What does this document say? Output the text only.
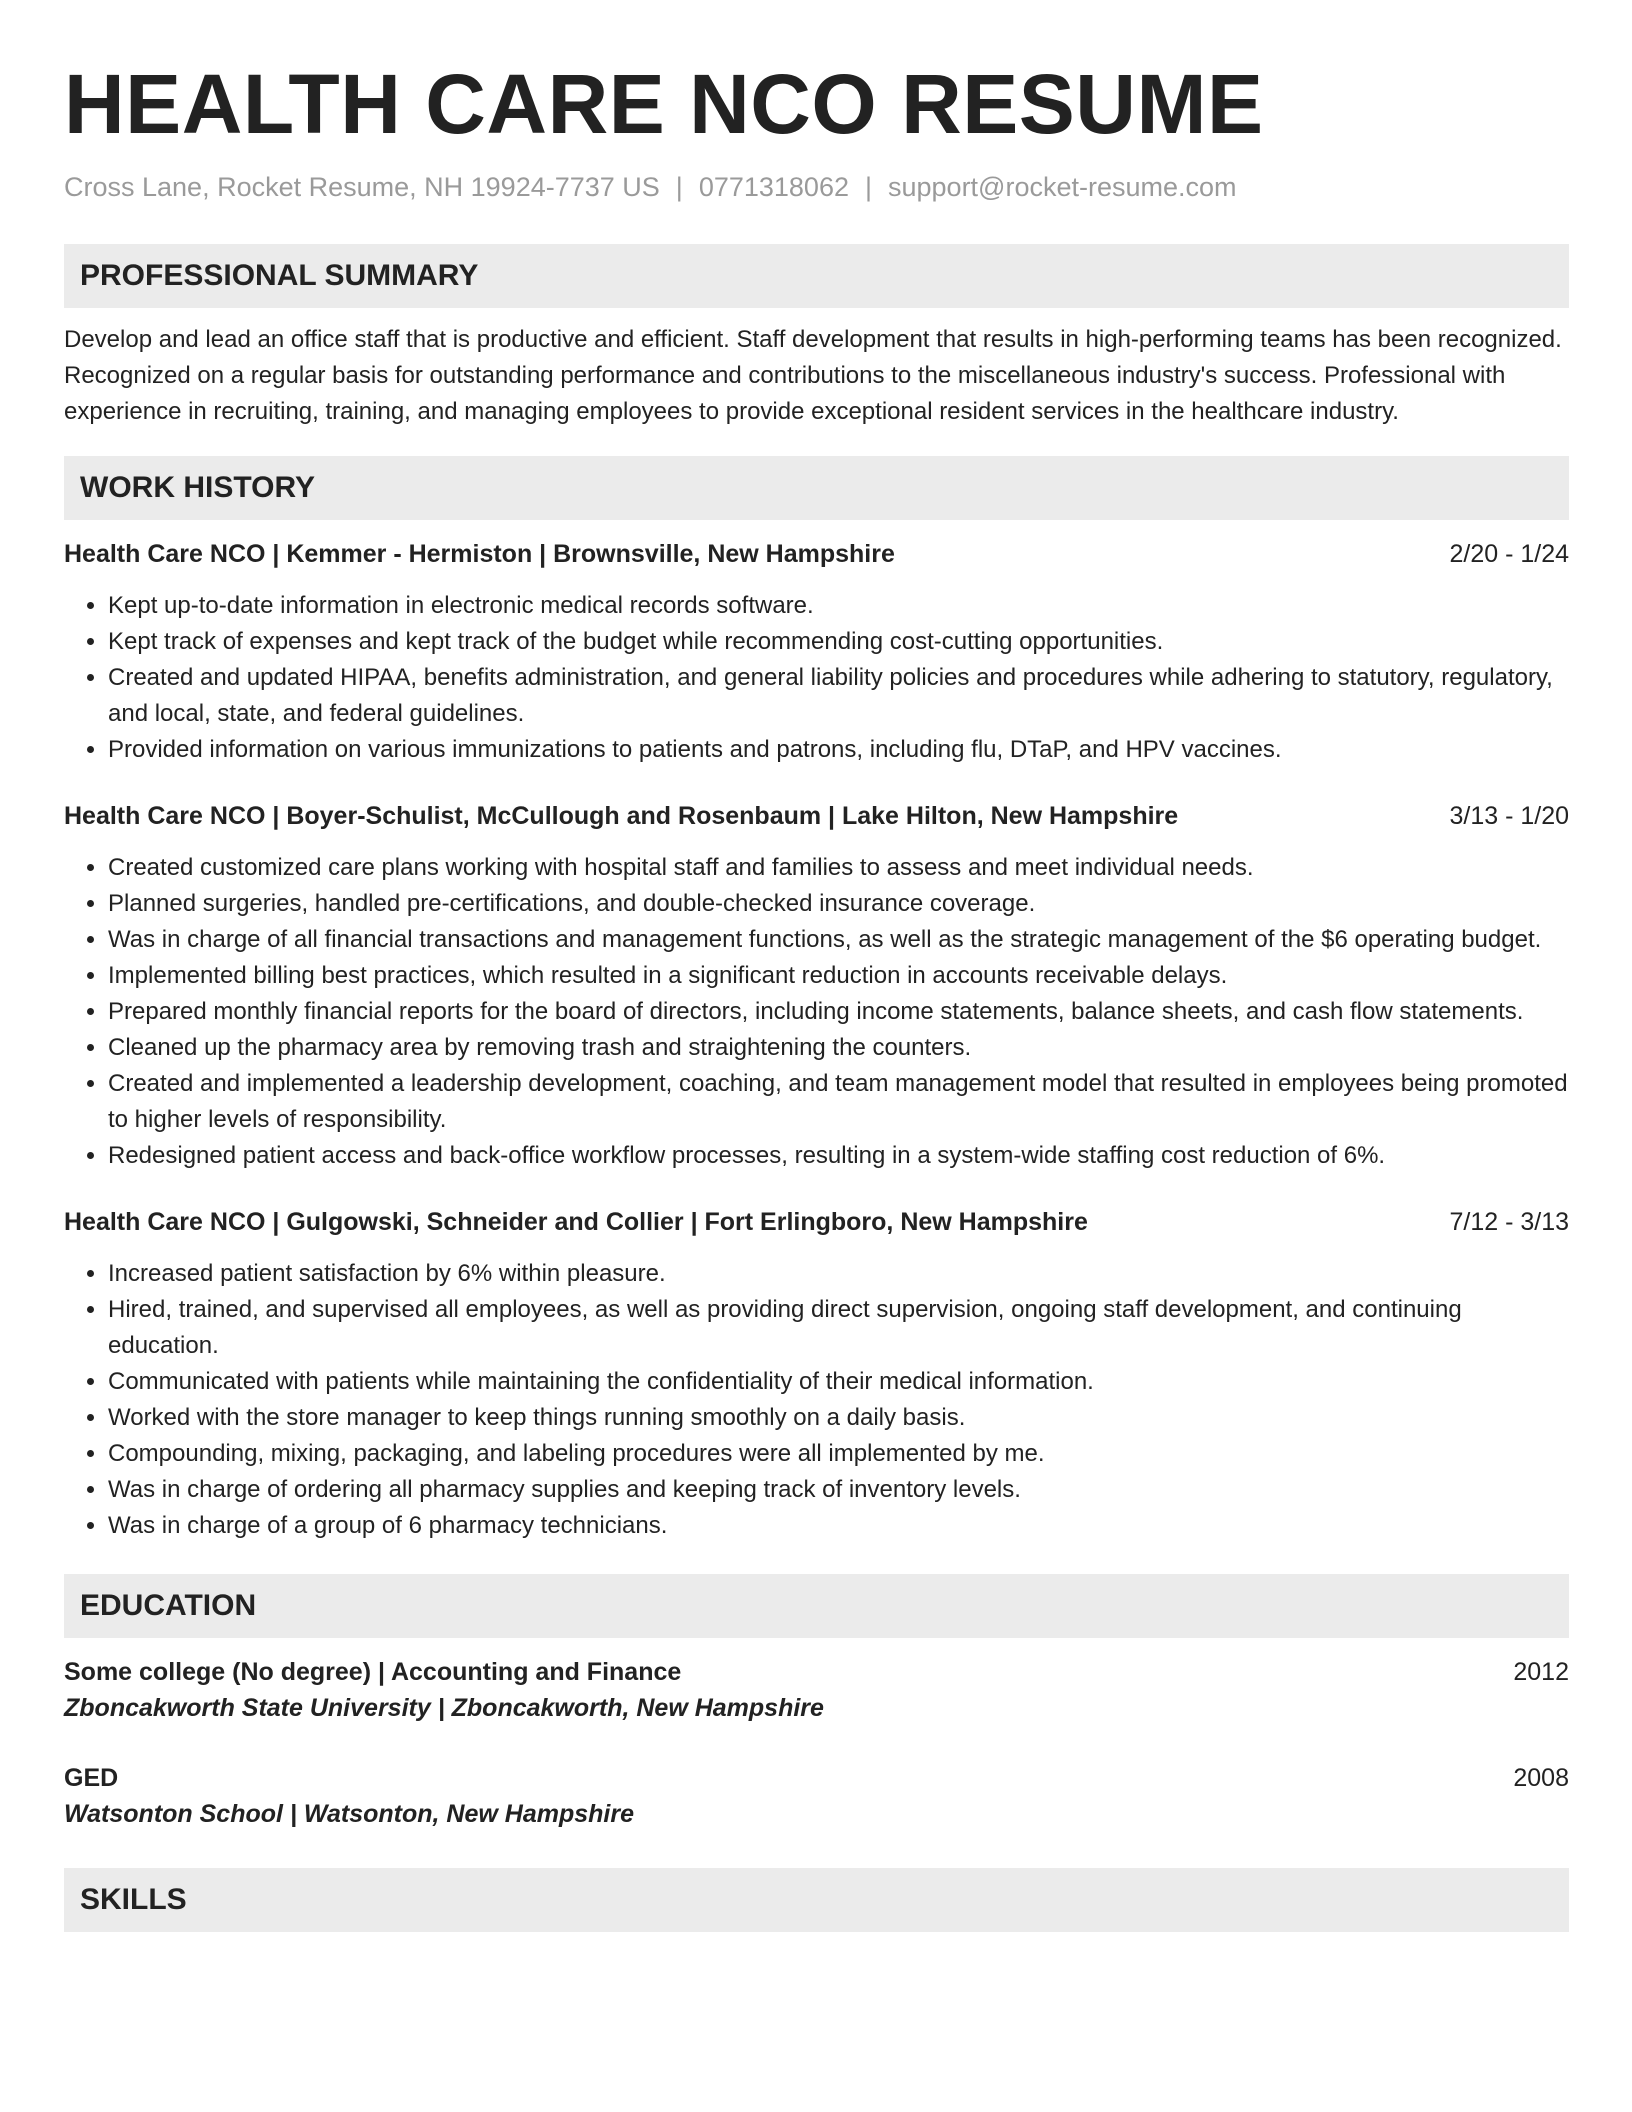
HEALTH CARE NCO RESUME
Cross Lane, Rocket Resume, NH 19924-7737 US | 0771318062 | support@rocket-resume.com
PROFESSIONAL SUMMARY

Develop and lead an office staff that is productive and efficient. Staff development that results in high-performing teams has been recognized. Recognized on a regular basis for outstanding performance and contributions to the miscellaneous industry's success. Professional with experience in recruiting, training, and managing employees to provide exceptional resident services in the healthcare industry.

WORK HISTORY
Health Care NCO | Kemmer - Hermiston | Brownsville, New Hampshire	2/20 - 1/24
• Kept up-to-date information in electronic medical records software.
• Kept track of expenses and kept track of the budget while recommending cost-cutting opportunities.
• Created and updated HIPAA, benefits administration, and general liability policies and procedures while adhering to statutory, regulatory, and local, state, and federal guidelines.
• Provided information on various immunizations to patients and patrons, including flu, DTaP, and HPV vaccines.
Health Care NCO | Boyer-Schulist, McCullough and Rosenbaum | Lake Hilton, New Hampshire	3/13 - 1/20
• Created customized care plans working with hospital staff and families to assess and meet individual needs.
• Planned surgeries, handled pre-certifications, and double-checked insurance coverage.
• Was in charge of all financial transactions and management functions, as well as the strategic management of the $6 operating budget.
• Implemented billing best practices, which resulted in a significant reduction in accounts receivable delays.
• Prepared monthly financial reports for the board of directors, including income statements, balance sheets, and cash flow statements.
• Cleaned up the pharmacy area by removing trash and straightening the counters.
• Created and implemented a leadership development, coaching, and team management model that resulted in employees being promoted to higher levels of responsibility.
• Redesigned patient access and back-office workflow processes, resulting in a system-wide staffing cost reduction of 6%.
Health Care NCO | Gulgowski, Schneider and Collier | Fort Erlingboro, New Hampshire	7/12 - 3/13
• Increased patient satisfaction by 6% within pleasure.
• Hired, trained, and supervised all employees, as well as providing direct supervision, ongoing staff development, and continuing education.
• Communicated with patients while maintaining the confidentiality of their medical information.
• Worked with the store manager to keep things running smoothly on a daily basis.
• Compounding, mixing, packaging, and labeling procedures were all implemented by me.
• Was in charge of ordering all pharmacy supplies and keeping track of inventory levels.
• Was in charge of a group of 6 pharmacy technicians.
EDUCATION
Some college (No degree) | Accounting and Finance	2012
Zboncakworth State University | Zboncakworth, New Hampshire
GED	2008
Watsonton School | Watsonton, New Hampshire
SKILLS
